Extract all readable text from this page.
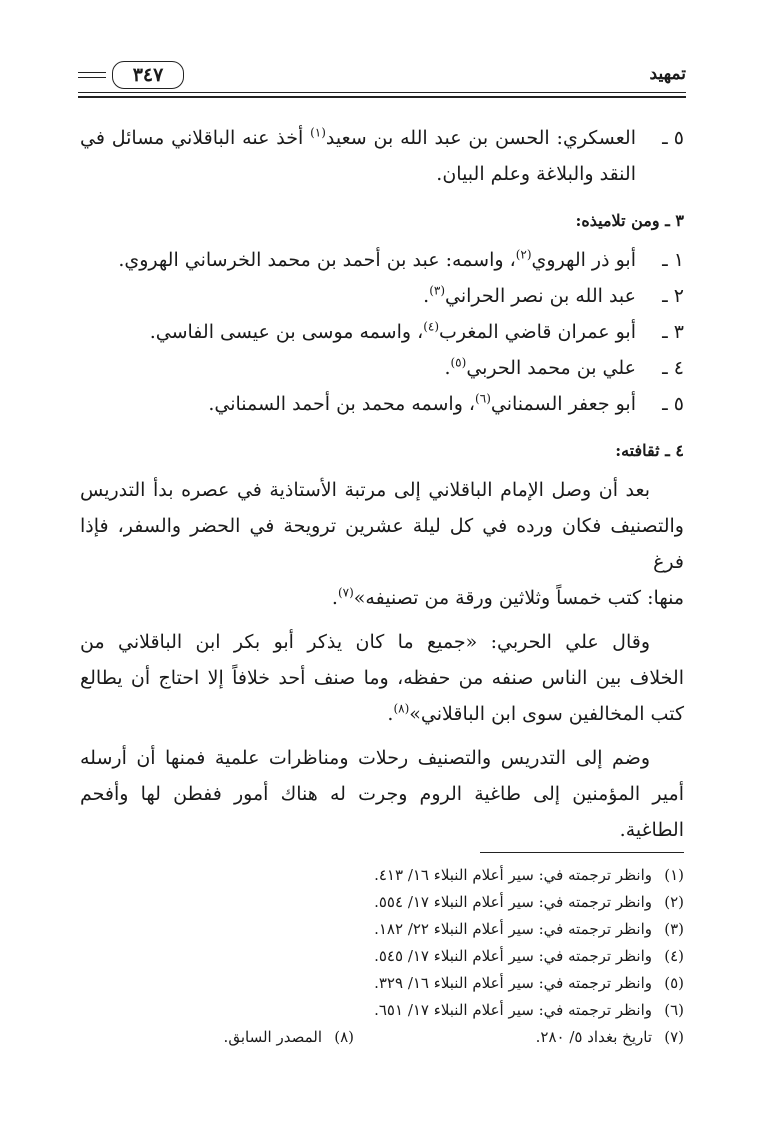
تمهيد
٣٤٧
٥ ـ

العسكري: الحسن بن عبد الله بن سعيد$^{(١)}$ أخذ عنه الباقلاني مسائل في

النقد والبلاغة وعلم البيان.

٣ ـ ومن تلاميذه:
١ ـ

أبو ذر الهروي$^{(٢)}$، واسمه: عبد بن أحمد بن محمد الخرساني الهروي.

٢ ـ

عبد الله بن نصر الحراني$^{(٣)}$.

٣ ـ

أبو عمران قاضي المغرب$^{(٤)}$، واسمه موسى بن عيسى الفاسي.

٤ ـ

علي بن محمد الحربي$^{(٥)}$.

٥ ـ

أبو جعفر السمناني$^{(٦)}$، واسمه محمد بن أحمد السمناني.

٤ ـ ثقافته:

بعد أن وصل الإمام الباقلاني إلى مرتبة الأستاذية في عصره بدأ التدريس

والتصنيف فكان ورده في كل ليلة عشرين ترويحة في الحضر والسفر، فإذا فرغ

منها: كتب خمساً وثلاثين ورقة من تصنيفه»$^{(٧)}$.

وقال علي الحربي: «جميع ما كان يذكر أبو بكر ابن الباقلاني من

الخلاف بين الناس صنفه من حفظه، وما صنف أحد خلافاً إلا احتاج أن يطالع

كتب المخالفين سوى ابن الباقلاني»$^{(٨)}$.

وضم إلى التدريس والتصنيف رحلات ومناظرات علمية فمنها أن أرسله

أمير المؤمنين إلى طاغية الروم وجرت له هناك أمور ففطن لها وأفحم

الطاغية.

(١)وانظر ترجمته في: سير أعلام النبلاء ١٦/ ٤١٣.
(٢)وانظر ترجمته في: سير أعلام النبلاء ١٧/ ٥٥٤.
(٣)وانظر ترجمته في: سير أعلام النبلاء ٢٢/ ١٨٢.
(٤)وانظر ترجمته في: سير أعلام النبلاء ١٧/ ٥٤٥.
(٥)وانظر ترجمته في: سير أعلام النبلاء ١٦/ ٣٢٩.
(٦)وانظر ترجمته في: سير أعلام النبلاء ١٧/ ٦٥١.
(٧)تاريخ بغداد ٥/ ٢٨٠.
(٨)المصدر السابق.
